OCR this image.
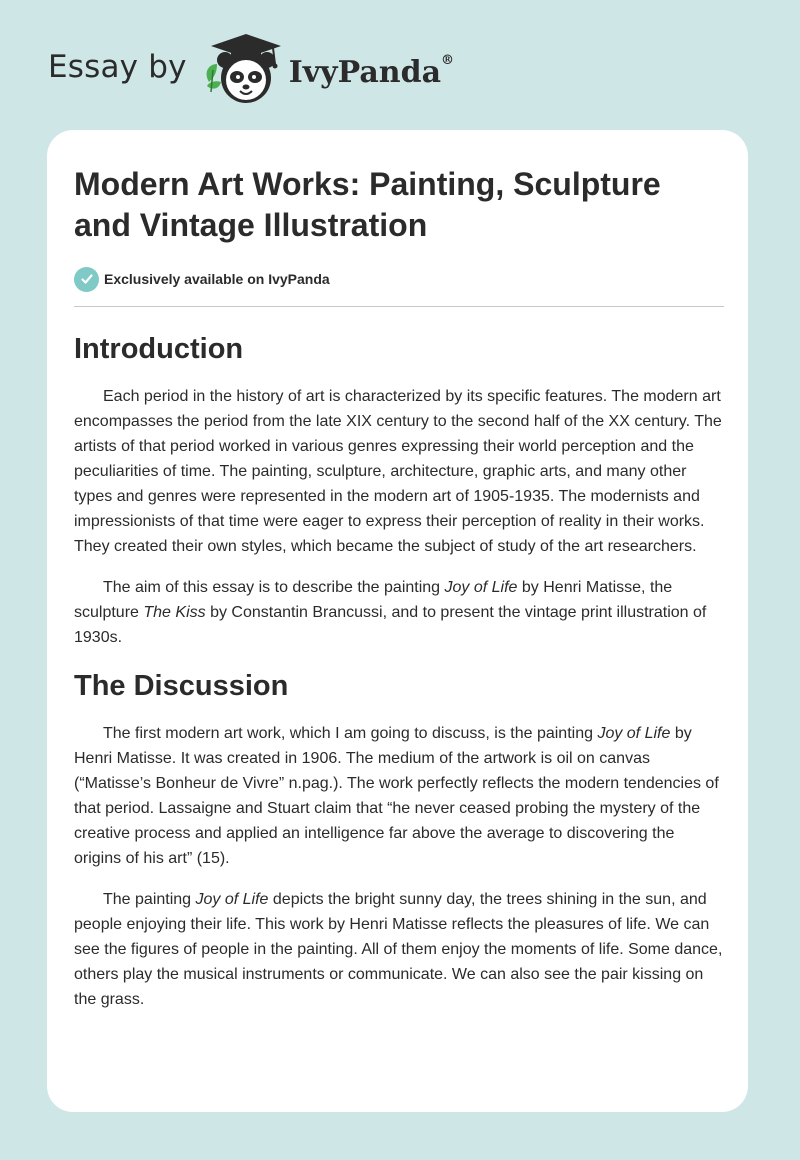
Essay by	IvyPanda®
Modern Art Works: Painting, Sculpture and Vintage Illustration
Exclusively available on IvyPanda
Introduction

Each period in the history of art is characterized by its specific features. The modern art encompasses the period from the late XIX century to the second half of the XX century. The artists of that period worked in various genres expressing their world perception and the peculiarities of time. The painting, sculpture, architecture, graphic arts, and many other types and genres were represented in the modern art of 1905-1935. The modernists and impressionists of that time were eager to express their perception of reality in their works. They created their own styles, which became the subject of study of the art researchers.

The aim of this essay is to describe the painting Joy of Life by Henri Matisse, the sculpture The Kiss by Constantin Brancussi, and to present the vintage print illustration of 1930s.

The Discussion

The first modern art work, which I am going to discuss, is the painting Joy of Life by Henri Matisse. It was created in 1906. The medium of the artwork is oil on canvas (“Matisse’s Bonheur de Vivre” n.pag.). The work perfectly reflects the modern tendencies of that period. Lassaigne and Stuart claim that “he never ceased probing the mystery of the creative process and applied an intelligence far above the average to discovering the origins of his art” (15).

The painting Joy of Life depicts the bright sunny day, the trees shining in the sun, and people enjoying their life. This work by Henri Matisse reflects the pleasures of life. We can see the figures of people in the painting. All of them enjoy the moments of life. Some dance, others play the musical instruments or communicate. We can also see the pair kissing on the grass.
